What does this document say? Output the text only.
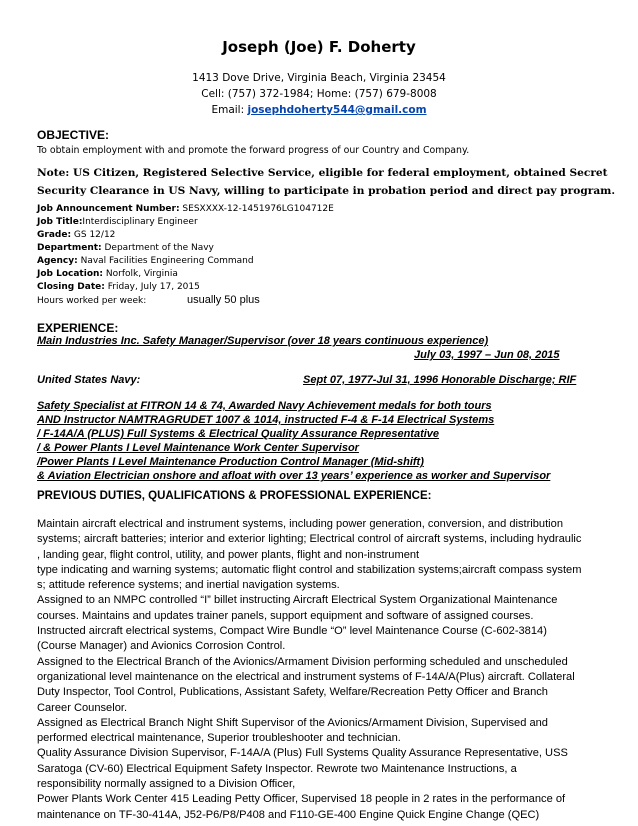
Joseph (Joe) F. Doherty
1413 Dove Drive, Virginia Beach, Virginia 23454
Cell: (757) 372-1984; Home: (757) 679-8008
Email: josephdoherty544@gmail.com
OBJECTIVE:
To obtain employment with and promote the forward progress of our Country and Company.
Note: US Citizen, Registered Selective Service, eligible for federal employment, obtained Secret
Security Clearance in US Navy, willing to participate in probation period and direct pay program.
Job Announcement Number: SESXXXX-12-1451976LG104712E
Job Title:Interdisciplinary Engineer
Grade: GS 12/12
Department: Department of the Navy
Agency: Naval Facilities Engineering Command
Job Location: Norfolk, Virginia
Closing Date: Friday, July 17, 2015
Hours worked per week:	usually 50 plus
EXPERIENCE:
Main Industries Inc. Safety Manager/Supervisor (over 18 years continuous experience)
July 03, 1997 – Jun 08, 2015
United States Navy:	Sept 07, 1977-Jul 31, 1996 Honorable Discharge; RIF
Safety Specialist at FITRON 14 & 74, Awarded Navy Achievement medals for both tours
AND Instructor NAMTRAGRUDET 1007 & 1014, instructed F-4 & F-14 Electrical Systems
/ F-14A/A (PLUS) Full Systems & Electrical Quality Assurance Representative
/ & Power Plants I Level Maintenance Work Center Supervisor
/Power Plants I Level Maintenance Production Control Manager (Mid-shift)
& Aviation Electrician onshore and afloat with over 13 years’ experience as worker and Supervisor
PREVIOUS DUTIES, QUALIFICATIONS & PROFESSIONAL EXPERIENCE:
Maintain aircraft electrical and instrument systems, including power generation, conversion, and distribution
systems; aircraft batteries; interior and exterior lighting; Electrical control of aircraft systems, including hydraulic
, landing gear, flight control, utility, and power plants, flight and non-instrument
type indicating and warning systems; automatic flight control and stabilization systems;aircraft compass system
s; attitude reference systems; and inertial navigation systems.
Assigned to an NMPC controlled “I” billet instructing Aircraft Electrical System Organizational Maintenance
courses. Maintains and updates trainer panels, support equipment and software of assigned courses.
Instructed aircraft electrical systems, Compact Wire Bundle “O” level Maintenance Course (C-602-3814)
(Course Manager) and Avionics Corrosion Control.
Assigned to the Electrical Branch of the Avionics/Armament Division performing scheduled and unscheduled
organizational level maintenance on the electrical and instrument systems of F-14A/A(Plus) aircraft. Collateral
Duty Inspector, Tool Control, Publications, Assistant Safety, Welfare/Recreation Petty Officer and Branch
Career Counselor.
Assigned as Electrical Branch Night Shift Supervisor of the Avionics/Armament Division, Supervised and
performed electrical maintenance, Superior troubleshooter and technician.
Quality Assurance Division Supervisor, F-14A/A (Plus) Full Systems Quality Assurance Representative, USS
Saratoga (CV-60) Electrical Equipment Safety Inspector. Rewrote two Maintenance Instructions, a
responsibility normally assigned to a Division Officer,
Power Plants Work Center 415 Leading Petty Officer, Supervised 18 people in 2 rates in the performance of
maintenance on TF-30-414A, J52-P6/P8/P408 and F110-GE-400 Engine Quick Engine Change (QEC)
